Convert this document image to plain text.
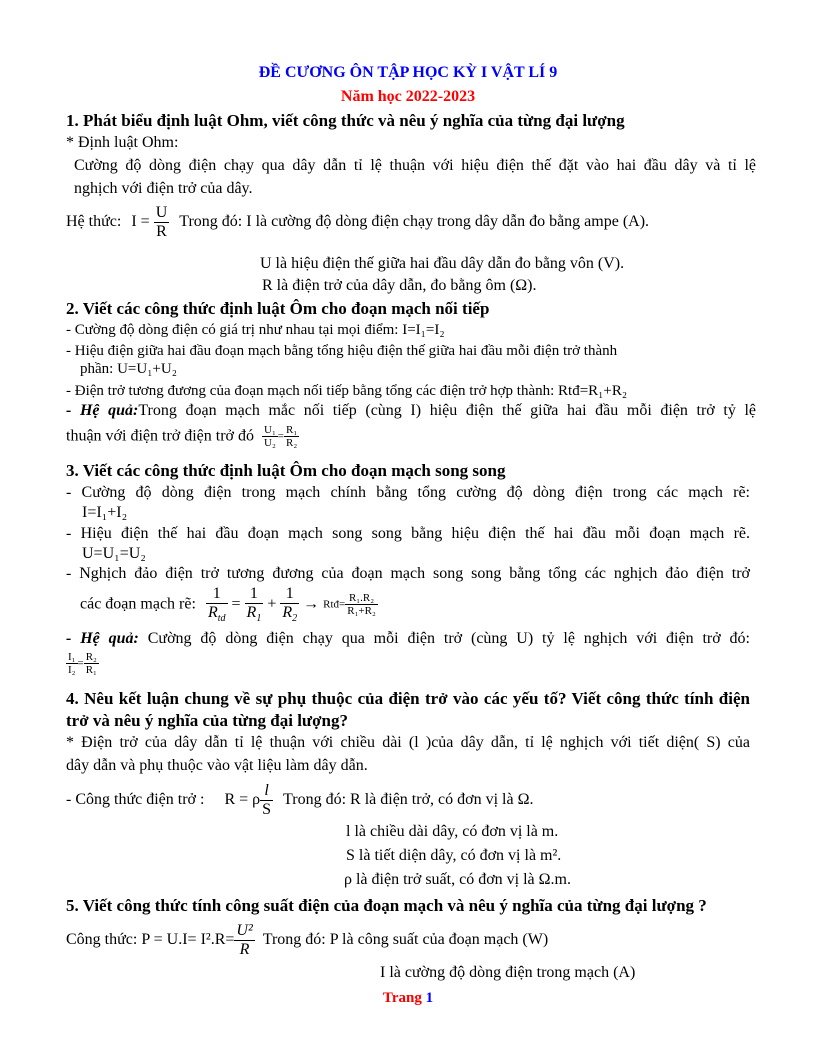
ĐỀ CƯƠNG ÔN TẬP HỌC KỲ I VẬT LÍ 9
Năm học 2022-2023
1. Phát biểu định luật Ohm, viết công thức và nêu ý nghĩa của từng đại lượng
* Định luật Ohm:
Cường độ dòng điện chạy qua dây dẫn tỉ lệ thuận với hiệu điện thế đặt vào hai đầu dây và tỉ lệ
nghịch với điện trở của dây.
Hệ thức: $I = \frac{U}{R}$ Trong đó: I là cường độ dòng điện chạy trong dây dẫn đo bằng ampe (A).
U là hiệu điện thế giữa hai đầu dây dẫn đo bằng vôn (V).
R là điện trở của dây dẫn, đo bằng ôm (Ω).
2. Viết các công thức định luật Ôm cho đoạn mạch nối tiếp
- Cường độ dòng điện có giá trị như nhau tại mọi điểm: I=I₁=I₂
- Hiệu điện giữa hai đầu đoạn mạch bằng tổng hiệu điện thế giữa hai đầu mỗi điện trở thành
phần: U=U₁+U₂
- Điện trở tương đương của đoạn mạch nối tiếp bằng tổng các điện trở hợp thành: Rtđ=R₁+R₂
- Hệ quả:Trong đoạn mạch mắc nối tiếp (cùng I) hiệu điện thế giữa hai đầu mỗi điện trở tỷ lệ
thuận với điện trở điện trở đó $\frac{\text{U₁}}{\text{U₂}} = \frac{\text{R₁}}{\text{R₂}}$
3. Viết các công thức định luật Ôm cho đoạn mạch song song
- Cường độ dòng điện trong mạch chính bằng tổng cường độ dòng điện trong các mạch rẽ:
I=I₁+I₂
- Hiệu điện thế hai đầu đoạn mạch song song bằng hiệu điện thế hai đầu mỗi đoạn mạch rẽ.
U=U₁=U₂
- Nghịch đảo điện trở tương đương của đoạn mạch song song bằng tổng các nghịch đảo điện trở
các đoạn mạch rẽ: $\frac{1}{R_{td}} = \frac{1}{R_1} + \frac{1}{R_2}$ → Rtđ= $\frac{\text{R₁.R₂}}{\text{R₁+R₂}}$
- Hệ quả: Cường độ dòng điện chạy qua mỗi điện trở (cùng U) tỷ lệ nghịch với điện trở đó:
$\frac{\text{I₁}}{\text{I₂}} = \frac{\text{R₂}}{\text{R₁}}$
4. Nêu kết luận chung về sự phụ thuộc của điện trở vào các yếu tố? Viết công thức tính điện
trở và nêu ý nghĩa của từng đại lượng?
* Điện trở của dây dẫn tỉ lệ thuận với chiều dài (l )của dây dẫn, tỉ lệ nghịch với tiết diện( S) của
dây dẫn và phụ thuộc vào vật liệu làm dây dẫn.
- Công thức điện trở : R = ρ $\frac{l}{S}$ Trong đó: R là điện trở, có đơn vị là Ω.
l là chiều dài dây, có đơn vị là m.
S là tiết diện dây, có đơn vị là m².
ρ là điện trở suất, có đơn vị là Ω.m.
5. Viết công thức tính công suất điện của đoạn mạch và nêu ý nghĩa của từng đại lượng ?
Công thức: $P = U.I= I^2.R= \frac{\text{U²}}{R}$ Trong đó: P là công suất của đoạn mạch (W)
I là cường độ dòng điện trong mạch (A)
Trang 1
